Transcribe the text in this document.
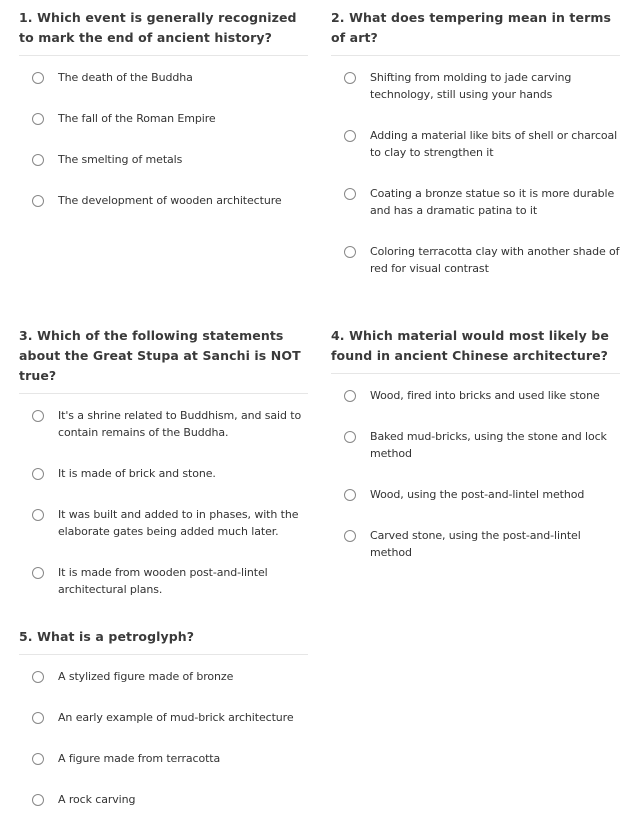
1. Which event is generally recognized to mark the end of ancient history?
The death of the Buddha
The fall of the Roman Empire
The smelting of metals
The development of wooden architecture
2. What does tempering mean in terms of art?
Shifting from molding to jade carving technology, still using your hands
Adding a material like bits of shell or charcoal to clay to strengthen it
Coating a bronze statue so it is more durable and has a dramatic patina to it
Coloring terracotta clay with another shade of red for visual contrast
3. Which of the following statements about the Great Stupa at Sanchi is NOT true?
It's a shrine related to Buddhism, and said to contain remains of the Buddha.
It is made of brick and stone.
It was built and added to in phases, with the elaborate gates being added much later.
It is made from wooden post-and-lintel architectural plans.
4. Which material would most likely be found in ancient Chinese architecture?
Wood, fired into bricks and used like stone
Baked mud-bricks, using the stone and lock method
Wood, using the post-and-lintel method
Carved stone, using the post-and-lintel method
5. What is a petroglyph?
A stylized figure made of bronze
An early example of mud-brick architecture
A figure made from terracotta
A rock carving
